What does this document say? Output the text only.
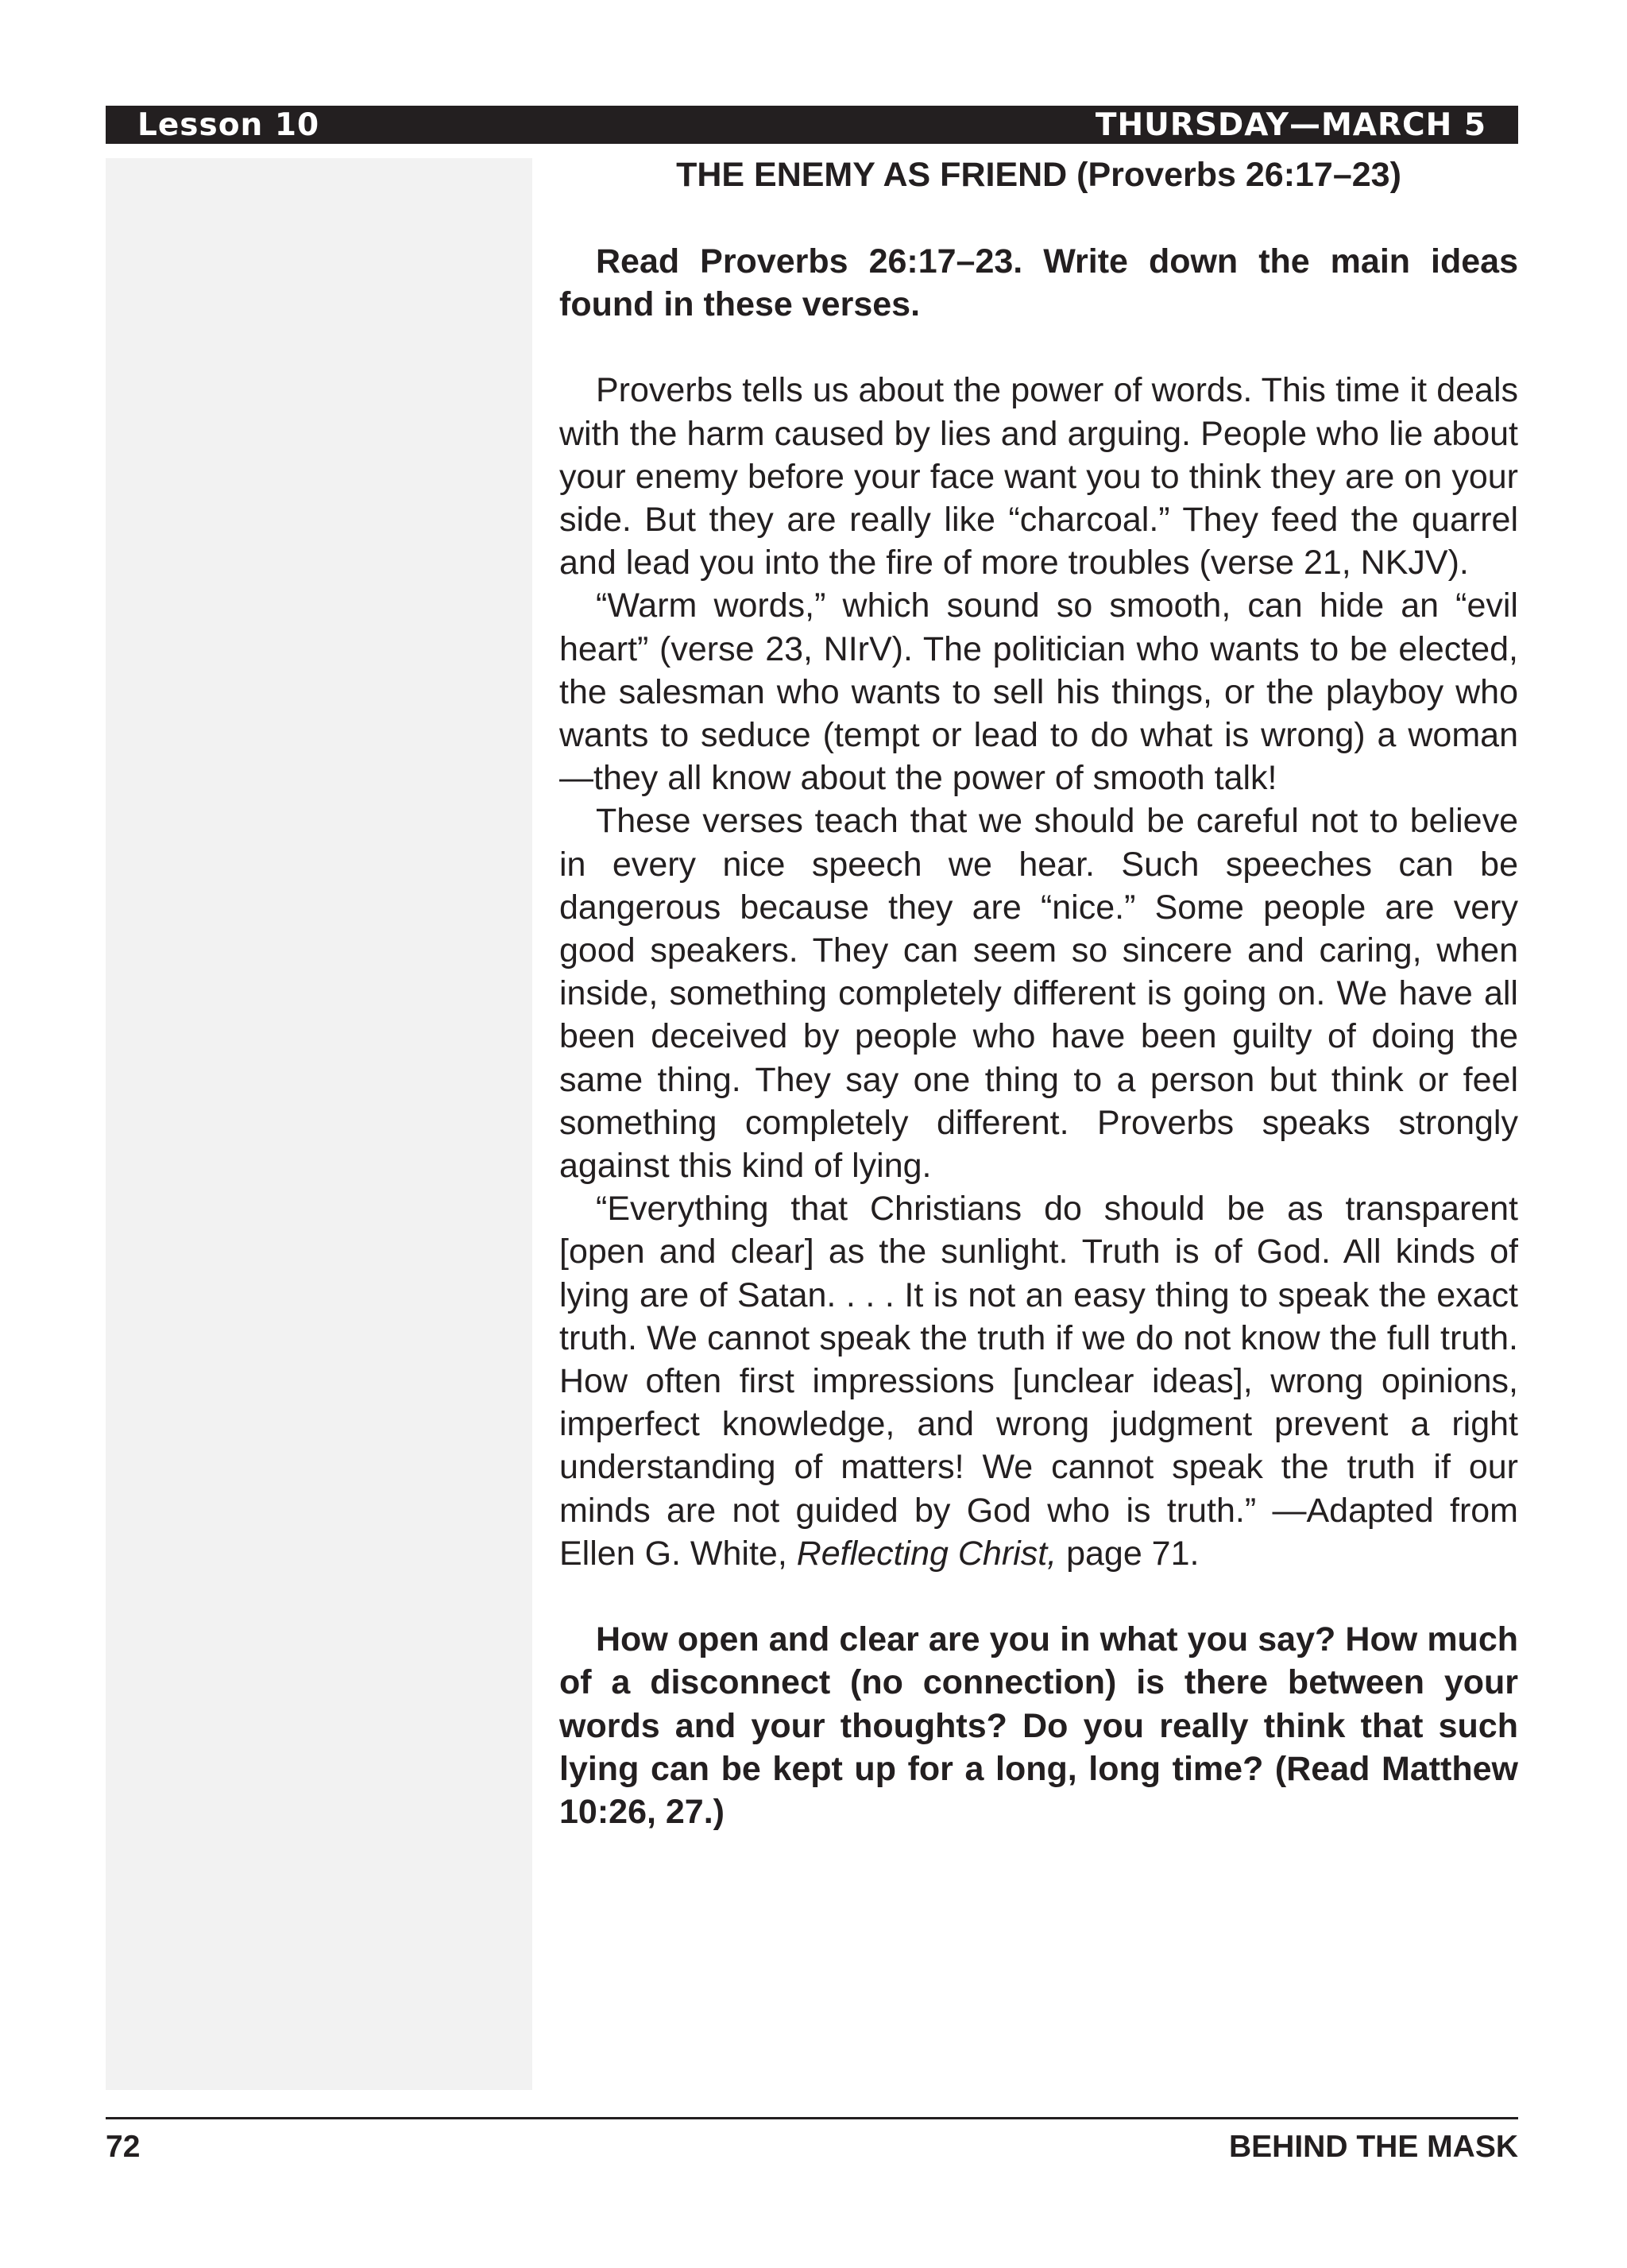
Lesson 10	THURSDAY—MARCH 5
THE ENEMY AS FRIEND (Proverbs 26:17–23)

Read Proverbs 26:17–23. Write down the main ideas found in these verses.

Proverbs tells us about the power of words. This time it deals with the harm caused by lies and arguing. People who lie about your enemy before your face want you to think they are on your side. But they are really like “charcoal.” They feed the quarrel and lead you into the fire of more troubles (verse 21, NKJV).

“Warm words,” which sound so smooth, can hide an “evil heart” (verse 23, NIrV). The politician who wants to be elected, the salesman who wants to sell his things, or the playboy who wants to seduce (tempt or lead to do what is wrong) a woman—they all know about the power of smooth talk!

These verses teach that we should be careful not to believe in every nice speech we hear. Such speeches can be dangerous because they are “nice.” Some people are very good speakers. They can seem so sincere and caring, when inside, something completely different is going on. We have all been deceived by people who have been guilty of doing the same thing. They say one thing to a person but think or feel something completely different. Proverbs speaks strongly against this kind of lying.

“Everything that Christians do should be as transparent [open and clear] as the sunlight. Truth is of God. All kinds of lying are of Satan. . . . It is not an easy thing to speak the exact truth. We cannot speak the truth if we do not know the full truth. How often first impressions [unclear ideas], wrong opinions, imperfect knowledge, and wrong judgment prevent a right understanding of matters! We cannot speak the truth if our minds are not guided by God who is truth.” —Adapted from Ellen G. White, Reflecting Christ, page 71.

How open and clear are you in what you say? How much of a disconnect (no connection) is there between your words and your thoughts? Do you really think that such lying can be kept up for a long, long time? (Read Matthew 10:26, 27.)

72	BEHIND THE MASK
